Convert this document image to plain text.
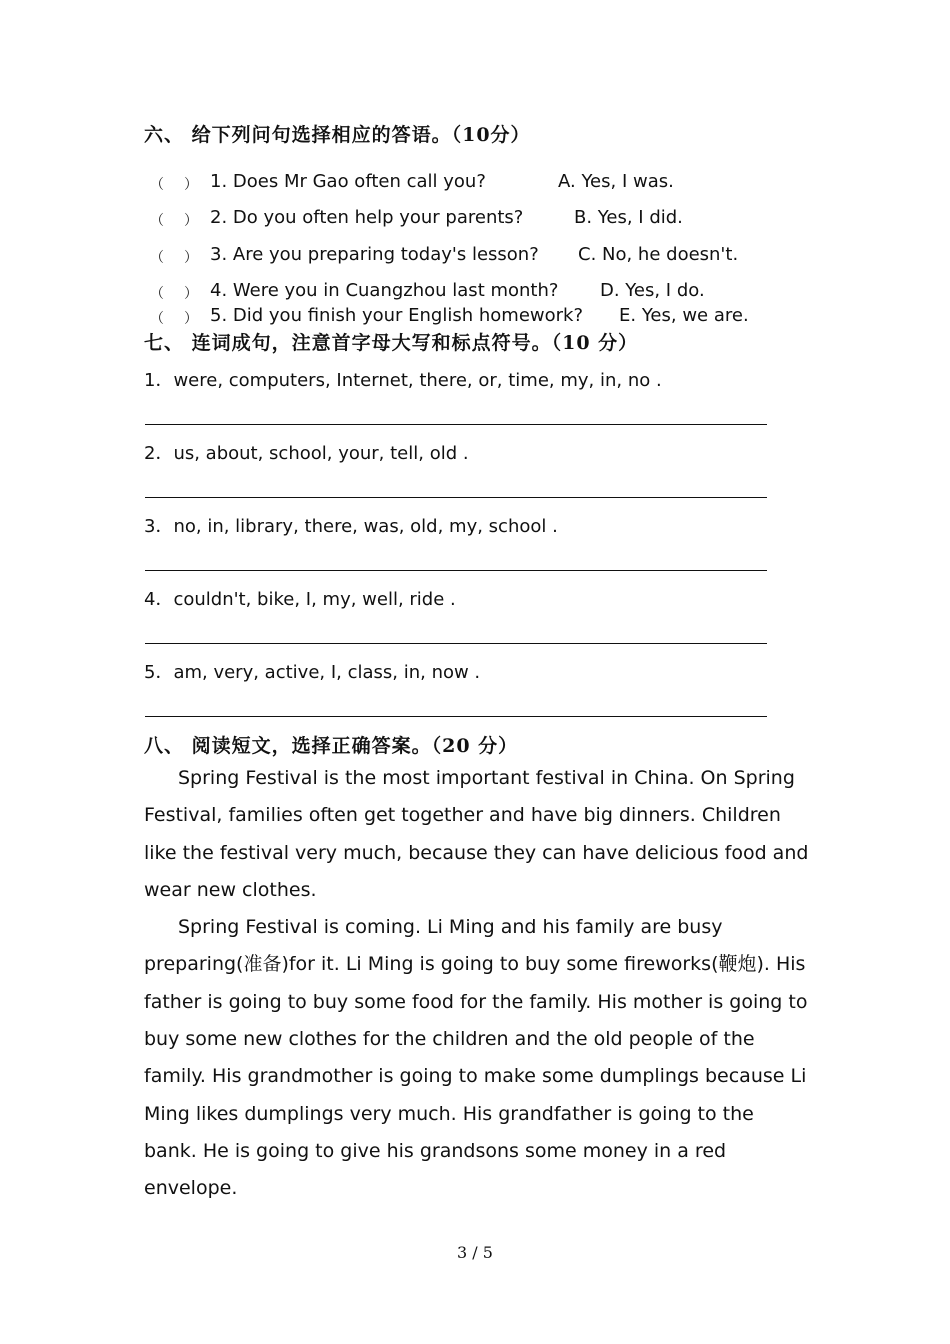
六、 给下列问句选择相应的答语。（10分）
（ ） 1. Does Mr Gao often call you?	A. Yes, I was.
（ ） 2. Do you often help your parents?	B. Yes, I did.
（ ） 3. Are you preparing today's lesson? C. No, he doesn't.
（ ） 4. Were you in Cuangzhou last month? D. Yes, I do.
（ ） 5. Did you finish your English homework? E. Yes, we are.
七、 连词成句，注意首字母大写和标点符号。（10 分）
1．were, computers, Internet, there, or, time, my, in, no .
2．us, about, school, your, tell, old .
3．no, in, library, there, was, old, my, school .
4．couldn't, bike, I, my, well, ride .
5．am, very, active, I, class, in, now .
八、 阅读短文，选择正确答案。（20 分）

Spring Festival is the most important festival in China. On Spring Festival, families often get together and have big dinners. Children like the festival very much, because they can have delicious food and wear new clothes.

Spring Festival is coming. Li Ming and his family are busy preparing(准备)for it. Li Ming is going to buy some fireworks(鞭炮). His father is going to buy some food for the family. His mother is going to buy some new clothes for the children and the old people of the family. His grandmother is going to make some dumplings because Li Ming likes dumplings very much. His grandfather is going to the bank. He is going to give his grandsons some money in a red envelope.

3 / 5
